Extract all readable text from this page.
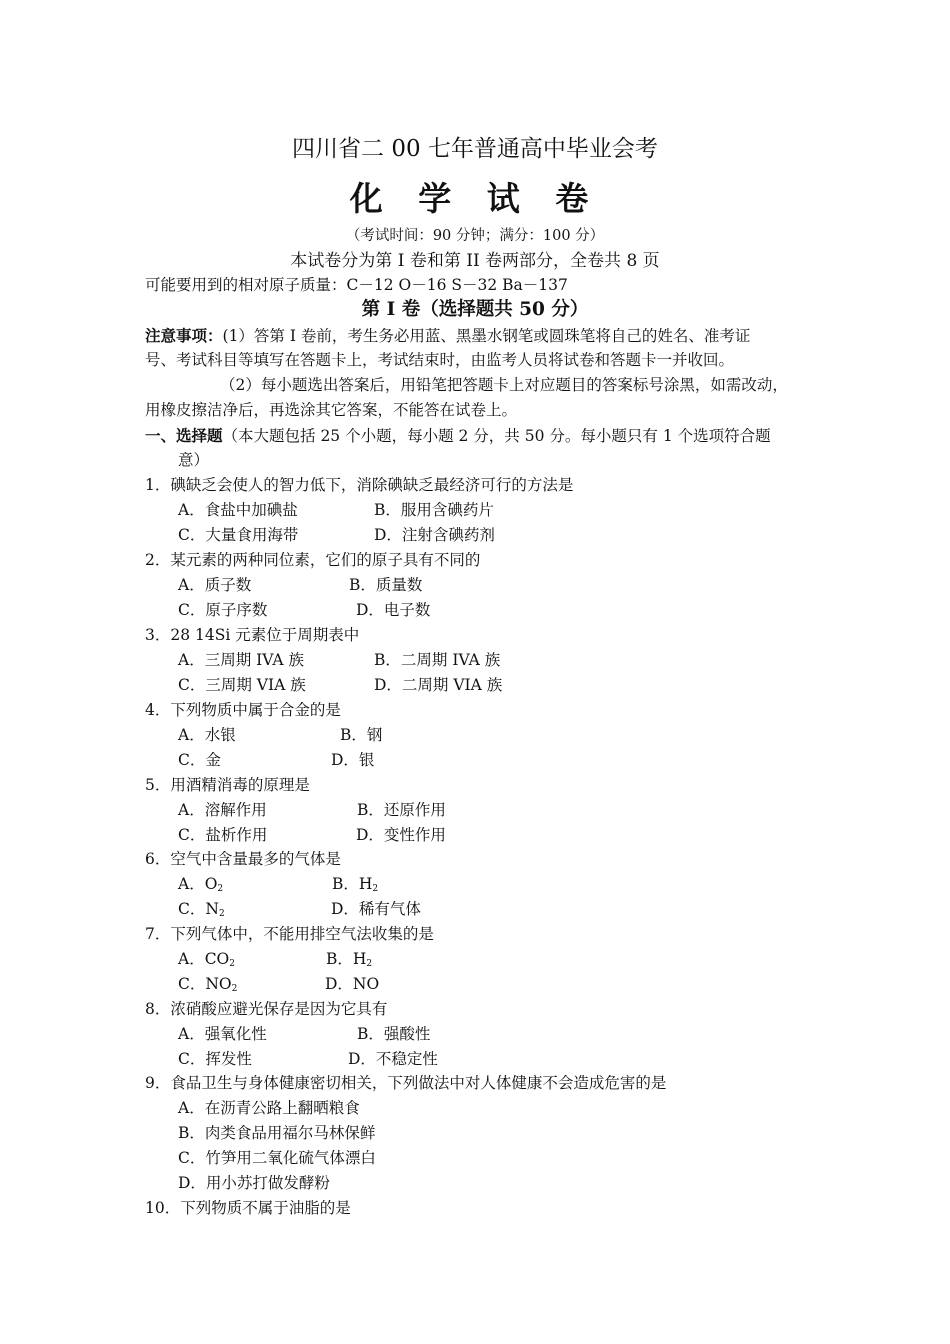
四川省二 00 七年普通高中毕业会考
化 学 试 卷
（考试时间：90 分钟；满分：100 分）
本试卷分为第 I 卷和第 II 卷两部分，全卷共 8 页
可能要用到的相对原子质量：C－12 O－16 S－32 Ba－137
第 I 卷（选择题共 50 分）
注意事项：(1）答第 I 卷前，考生务必用蓝、黑墨水钢笔或圆珠笔将自己的姓名、准考证
号、考试科目等填写在答题卡上，考试结束时，由监考人员将试卷和答题卡一并收回。
（2）每小题选出答案后，用铅笔把答题卡上对应题目的答案标号涂黑，如需改动，
用橡皮擦洁净后，再选涂其它答案，不能答在试卷上。
一、选择题（本大题包括 25 个小题，每小题 2 分，共 50 分。每小题只有 1 个选项符合题
意）
1．碘缺乏会使人的智力低下，消除碘缺乏最经济可行的方法是
A．食盐中加碘盐	B．服用含碘药片
C．大量食用海带	D．注射含碘药剂
2．某元素的两种同位素，它们的原子具有不同的
A．质子数	B．质量数
C．原子序数	D．电子数
3．28 14Si 元素位于周期表中
A．三周期 IVA 族	B．二周期 IVA 族
C．三周期 VIA 族	D．二周期 VIA 族
4．下列物质中属于合金的是
A．水银	B．钢
C．金	D．银
5．用酒精消毒的原理是
A．溶解作用	B．还原作用
C．盐析作用	D．变性作用
6．空气中含量最多的气体是
A．$O_2$	B．$H_2$
C．$N_2$	D．稀有气体
7．下列气体中，不能用排空气法收集的是
A．$CO_2$	B．$H_2$
C．$NO_2$	D．NO
8．浓硝酸应避光保存是因为它具有
A．强氧化性	B．强酸性
C．挥发性	D．不稳定性
9．食品卫生与身体健康密切相关，下列做法中对人体健康不会造成危害的是
A．在沥青公路上翻晒粮食
B．肉类食品用福尔马林保鲜
C．竹笋用二氧化硫气体漂白
D．用小苏打做发酵粉
10．下列物质不属于油脂的是
